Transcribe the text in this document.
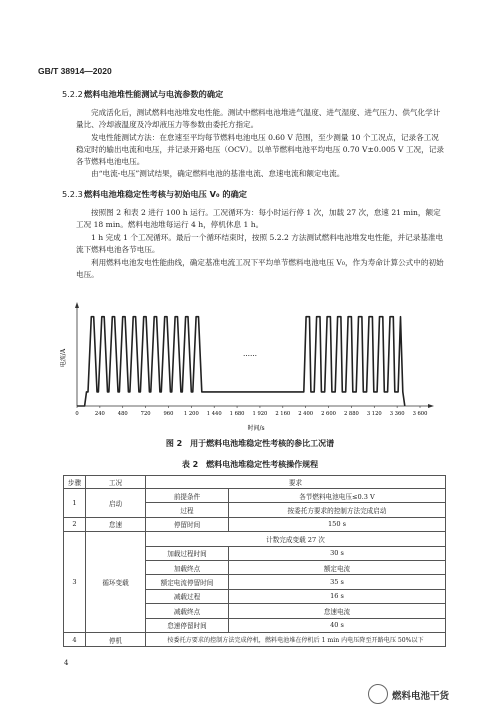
GB/T 38914—2020
5.2.2燃料电池堆性能测试与电流参数的确定
完成活化后，测试燃料电池堆发电性能。测试中燃料电池堆进气温度、进气湿度、进气压力、供气化学计量比、冷却液温度及冷却液压力等参数由委托方指定。
发电性能测试方法：在怠速至平均每节燃料电池电压 0.60 V 范围，至少测量 10 个工况点，记录各工况稳定时的输出电流和电压，并记录开路电压（OCV）。以单节燃料电池平均电压 0.70 V±0.005 V 工况，记录各节燃料电池电压。
由“电流-电压”测试结果，确定燃料电池的基准电流、怠速电流和额定电流。
5.2.3燃料电池堆稳定性考核与初始电压 V₀ 的确定
按照图 2 和表 2 进行 100 h 运行。工况循环为：每小时运行停 1 次，加载 27 次，怠速 21 min，额定工况 18 min。燃料电池堆每运行 4 h，停机休息 1 h。
1 h 完成 1 个工况循环。最后一个循环结束时，按照 5.2.2 方法测试燃料电池堆发电性能，并记录基准电流下燃料电池各节电压。
利用燃料电池发电性能曲线，确定基准电流工况下平均单节燃料电池电压 V₀，作为寿命计算公式中的初始电压。
电流/A
时间/s
……
0	240 480 720 960 1 200 1 440 1 680 1 920 2 160 2 400 2 600 2 880 3 120 3 360 3 600
图 2　用于燃料电池堆稳定性考核的参比工况谱
表 2　燃料电池堆稳定性考核操作规程
步骤	工况	要求	
1	启动	前提条件	各节燃料电池电压≤0.3 V
		过程	按委托方要求的控制方法完成启动
2	怠速	停留时间	150 s
3	循环变载	计数完成变载 27 次	
		加载过程时间	30 s
		加载终点	额定电流
		额定电流停留时间	35 s
		减载过程	16 s
		减载终点	怠速电流
		怠速停留时间	40 s
4	停机	按委托方要求的控制方法完成停机，燃料电池堆在停机后 1 min 内电压降至开路电压 50%以下	
4
燃料电池干货
